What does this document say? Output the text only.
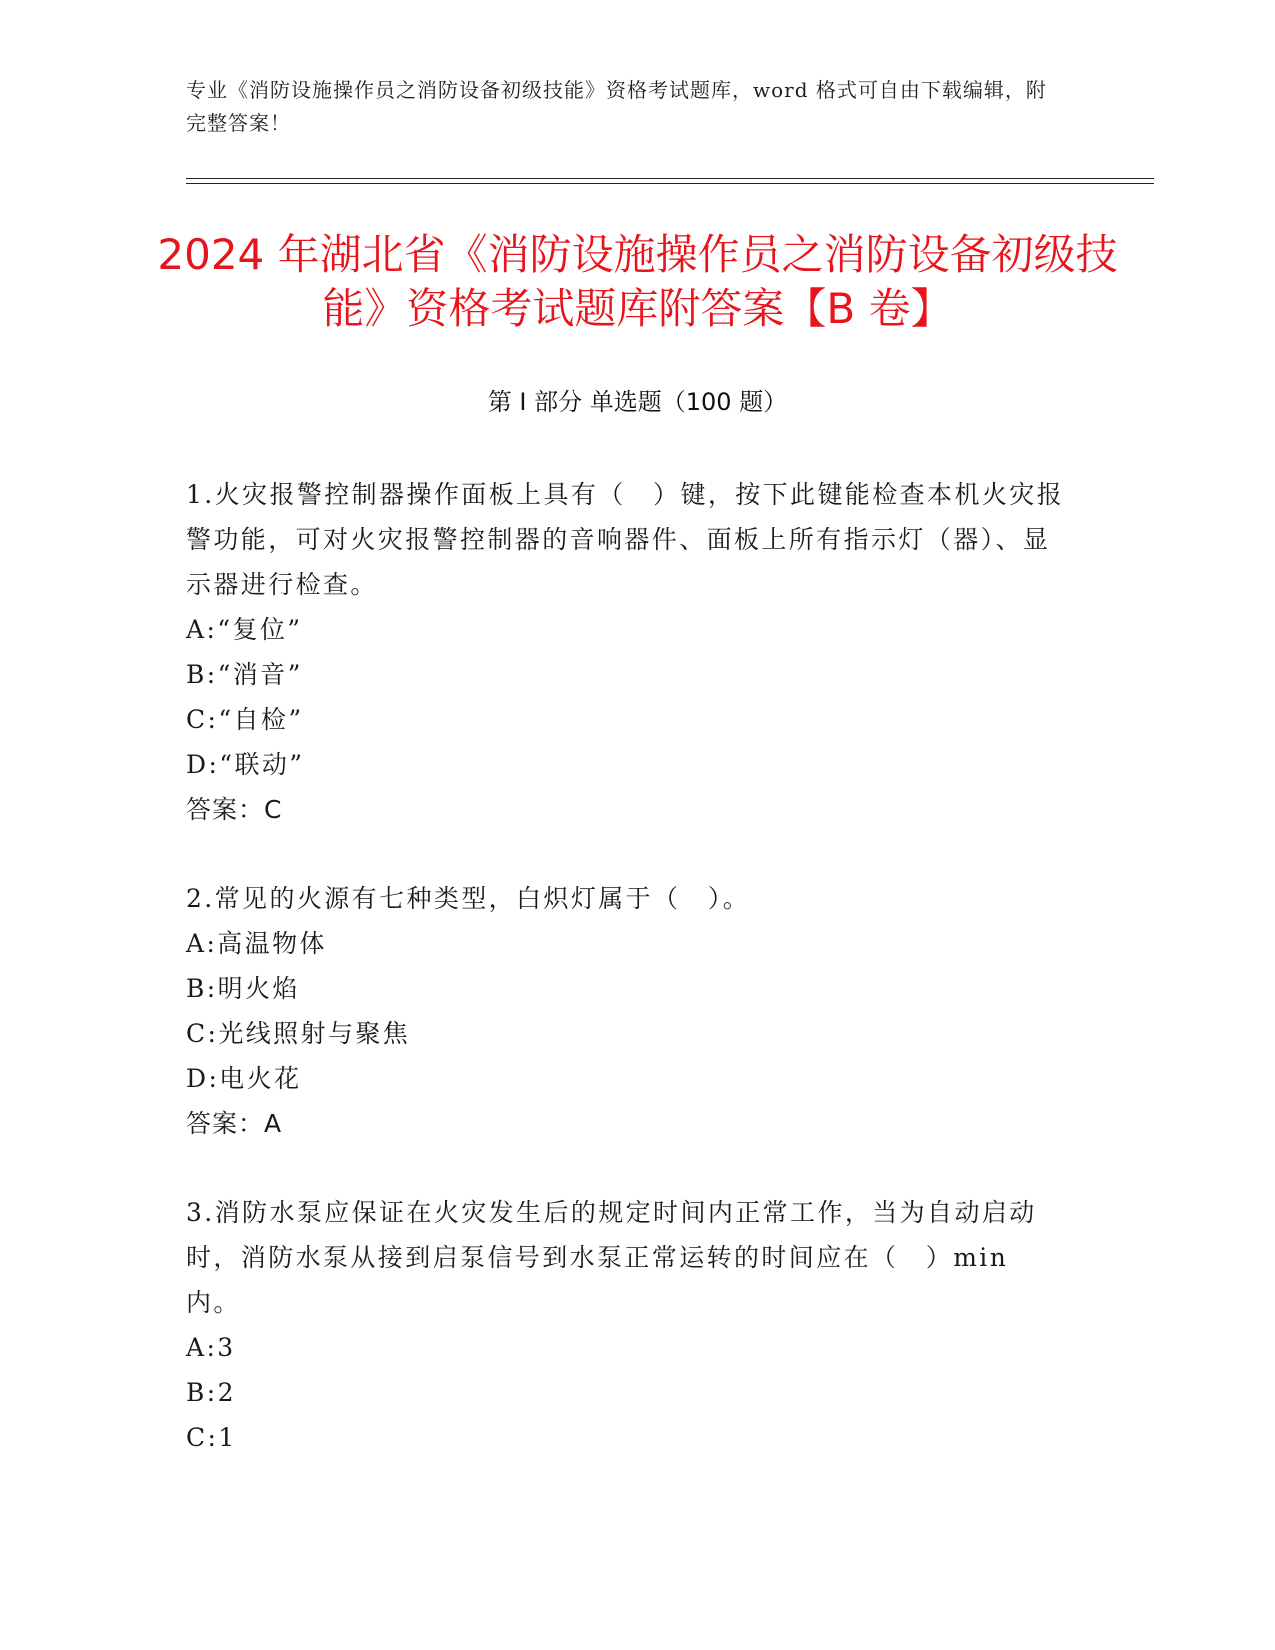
专业《消防设施操作员之消防设备初级技能》资格考试题库，word 格式可自由下载编辑，附完整答案！
2024 年湖北省《消防设施操作员之消防设备初级技能》资格考试题库附答案【B 卷】
第 I 部分 单选题（100 题）

1.火灾报警控制器操作面板上具有（　）键，按下此键能检查本机火灾报警功能，可对火灾报警控制器的音响器件、面板上所有指示灯（器）、显示器进行检查。

A:“复位”

B:“消音”

C:“自检”

D:“联动”

答案：C

2.常见的火源有七种类型，白炽灯属于（　）。

A:高温物体

B:明火焰

C:光线照射与聚焦

D:电火花

答案：A

3.消防水泵应保证在火灾发生后的规定时间内正常工作，当为自动启动时，消防水泵从接到启泵信号到水泵正常运转的时间应在（　）min 内。

A:3

B:2

C:1
